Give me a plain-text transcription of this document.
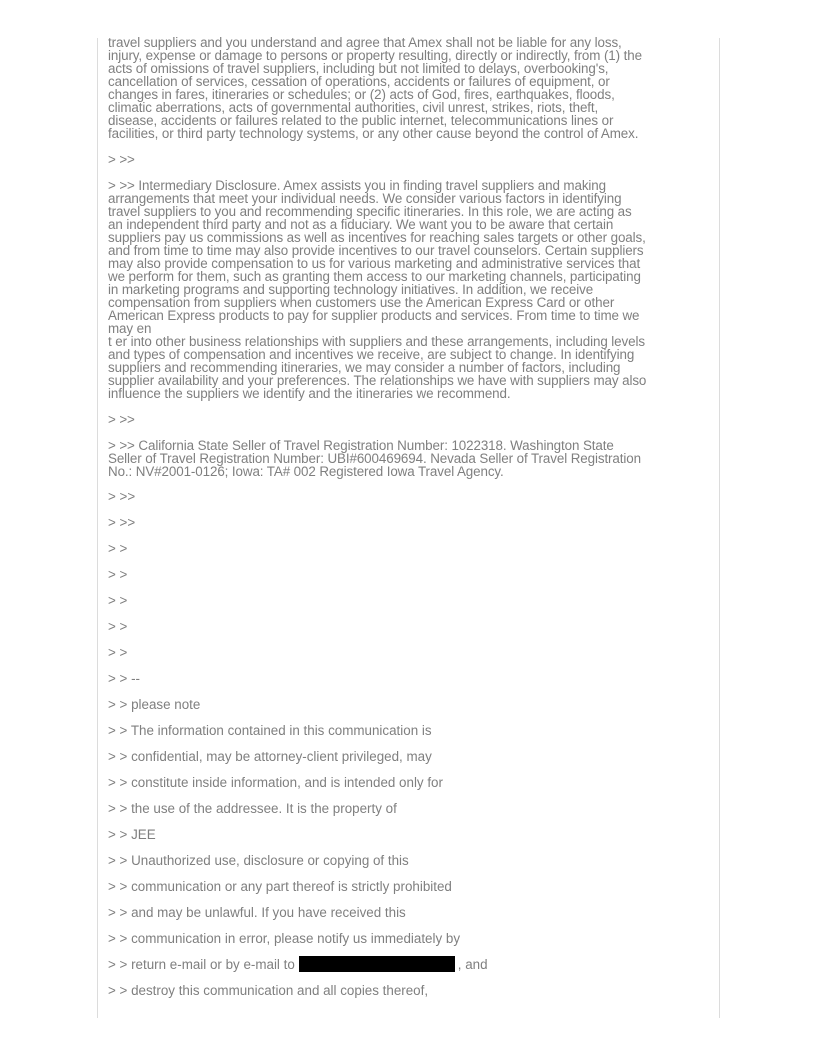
travel suppliers and you understand and agree that Amex shall not be liable for any loss,
injury, expense or damage to persons or property resulting, directly or indirectly, from (1) the
acts of omissions of travel suppliers, including but not limited to delays, overbooking's,
cancellation of services, cessation of operations, accidents or failures of equipment, or
changes in fares, itineraries or schedules; or (2) acts of God, fires, earthquakes, floods,
climatic aberrations, acts of governmental authorities, civil unrest, strikes, riots, theft,
disease, accidents or failures related to the public internet, telecommunications lines or
facilities, or third party technology systems, or any other cause beyond the control of Amex.

> >>

> >> Intermediary Disclosure. Amex assists you in finding travel suppliers and making
arrangements that meet your individual needs. We consider various factors in identifying
travel suppliers to you and recommending specific itineraries. In this role, we are acting as
an independent third party and not as a fiduciary. We want you to be aware that certain
suppliers pay us commissions as well as incentives for reaching sales targets or other goals,
and from time to time may also provide incentives to our travel counselors. Certain suppliers
may also provide compensation to us for various marketing and administrative services that
we perform for them, such as granting them access to our marketing channels, participating
in marketing programs and supporting technology initiatives. In addition, we receive
compensation from suppliers when customers use the American Express Card or other
American Express products to pay for supplier products and services. From time to time we
may en
t er into other business relationships with suppliers and these arrangements, including levels
and types of compensation and incentives we receive, are subject to change. In identifying
suppliers and recommending itineraries, we may consider a number of factors, including
supplier availability and your preferences. The relationships we have with suppliers may also
influence the suppliers we identify and the itineraries we recommend.

> >>

> >> California State Seller of Travel Registration Number: 1022318. Washington State
Seller of Travel Registration Number: UBI#600469694. Nevada Seller of Travel Registration
No.: NV#2001-0126; Iowa: TA# 002 Registered Iowa Travel Agency.

> >>
> >>
> >
> >
> >
> >
> >
> > --
> > please note
> > The information contained in this communication is
> > confidential, may be attorney-client privileged, may
> > constitute inside information, and is intended only for
> > the use of the addressee. It is the property of
> > JEE
> > Unauthorized use, disclosure or copying of this
> > communication or any part thereof is strictly prohibited
> > and may be unlawful. If you have received this
> > communication in error, please notify us immediately by
> > return e-mail or by e-mail to	, and
> > destroy this communication and all copies thereof,
